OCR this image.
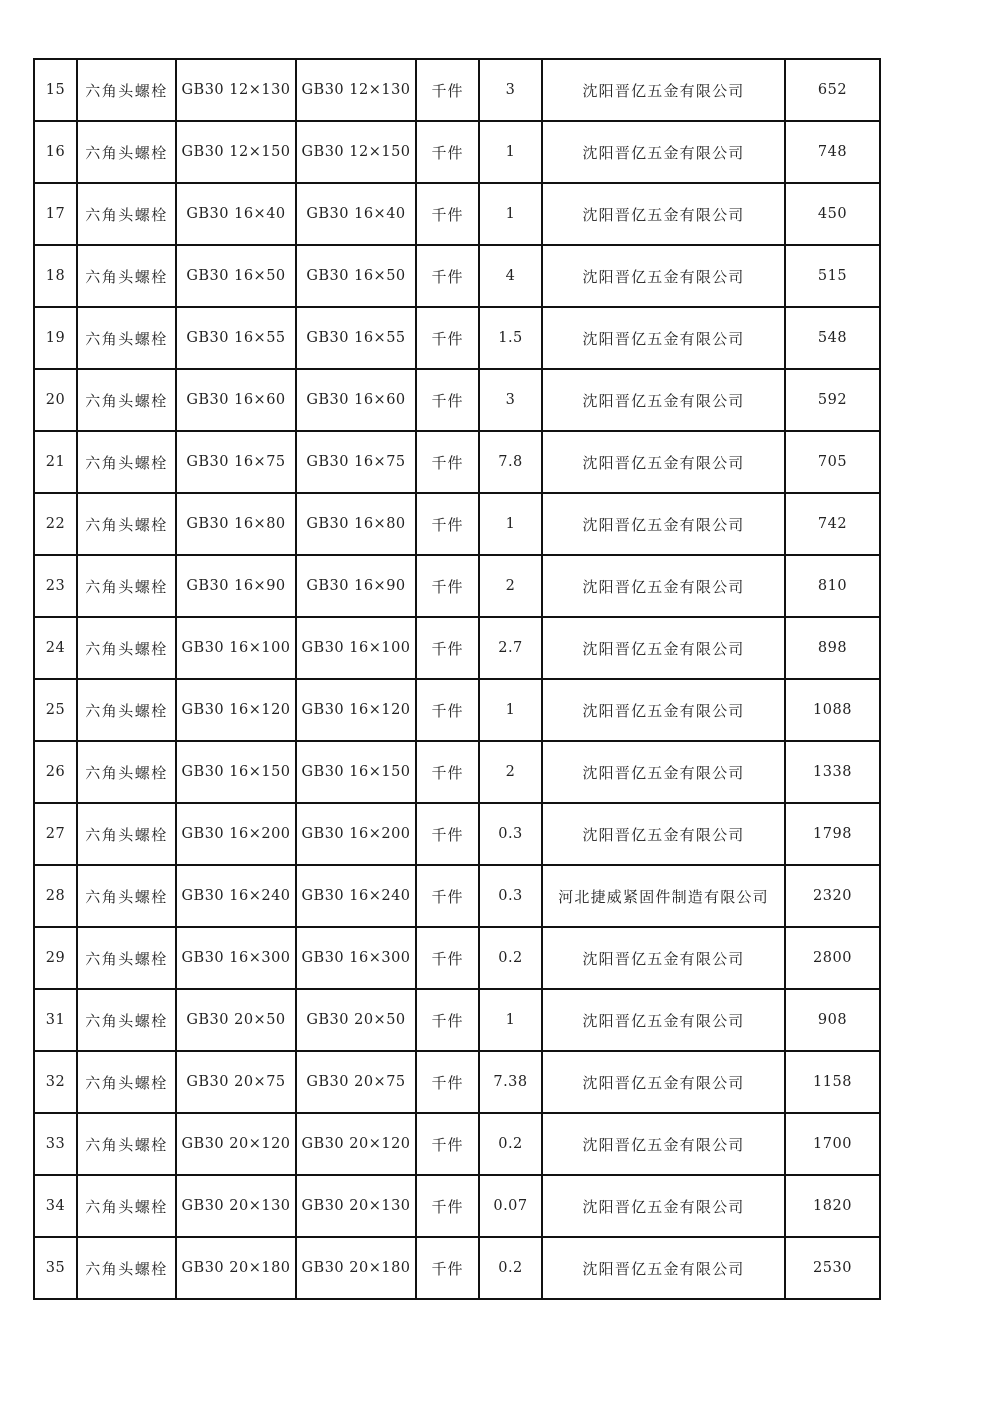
15	六角头螺栓	GB30 12×130	GB30 12×130	千件	3	沈阳晋亿五金有限公司	652
16	六角头螺栓	GB30 12×150	GB30 12×150	千件	1	沈阳晋亿五金有限公司	748
17	六角头螺栓	GB30 16×40	GB30 16×40	千件	1	沈阳晋亿五金有限公司	450
18	六角头螺栓	GB30 16×50	GB30 16×50	千件	4	沈阳晋亿五金有限公司	515
19	六角头螺栓	GB30 16×55	GB30 16×55	千件	1.5	沈阳晋亿五金有限公司	548
20	六角头螺栓	GB30 16×60	GB30 16×60	千件	3	沈阳晋亿五金有限公司	592
21	六角头螺栓	GB30 16×75	GB30 16×75	千件	7.8	沈阳晋亿五金有限公司	705
22	六角头螺栓	GB30 16×80	GB30 16×80	千件	1	沈阳晋亿五金有限公司	742
23	六角头螺栓	GB30 16×90	GB30 16×90	千件	2	沈阳晋亿五金有限公司	810
24	六角头螺栓	GB30 16×100	GB30 16×100	千件	2.7	沈阳晋亿五金有限公司	898
25	六角头螺栓	GB30 16×120	GB30 16×120	千件	1	沈阳晋亿五金有限公司	1088
26	六角头螺栓	GB30 16×150	GB30 16×150	千件	2	沈阳晋亿五金有限公司	1338
27	六角头螺栓	GB30 16×200	GB30 16×200	千件	0.3	沈阳晋亿五金有限公司	1798
28	六角头螺栓	GB30 16×240	GB30 16×240	千件	0.3	河北捷威紧固件制造有限公司	2320
29	六角头螺栓	GB30 16×300	GB30 16×300	千件	0.2	沈阳晋亿五金有限公司	2800
31	六角头螺栓	GB30 20×50	GB30 20×50	千件	1	沈阳晋亿五金有限公司	908
32	六角头螺栓	GB30 20×75	GB30 20×75	千件	7.38	沈阳晋亿五金有限公司	1158
33	六角头螺栓	GB30 20×120	GB30 20×120	千件	0.2	沈阳晋亿五金有限公司	1700
34	六角头螺栓	GB30 20×130	GB30 20×130	千件	0.07	沈阳晋亿五金有限公司	1820
35	六角头螺栓	GB30 20×180	GB30 20×180	千件	0.2	沈阳晋亿五金有限公司	2530
